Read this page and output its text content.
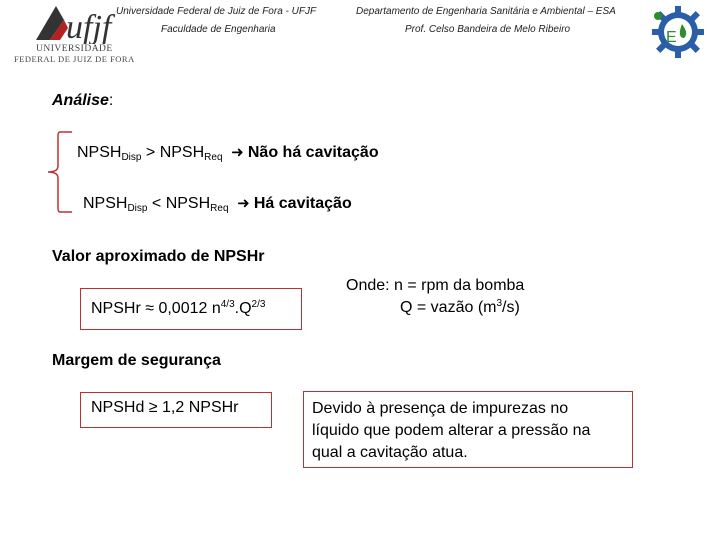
ufjf
UNIVERSIDADE
FEDERAL DE JUIZ DE FORA
Universidade Federal de Juiz de Fora - UFJF
Faculdade de Engenharia
Departamento de Engenharia Sanitária e Ambiental – ESA
Prof. Celso Bandeira de Melo Ribeiro	E
Análise:
$NPSH_{Disp}$ > $NPSH_{Req}$  ➜ Não há cavitação
$NPSH_{Disp}$ < $NPSH_{Req}$  ➜ Há cavitação
Valor aproximado de NPSHr
NPSHr ≈ 0,0012 $n^{4/3}.Q^{2/3}$
Onde: n = rpm da bomba
Q = vazão $(m^3/s)$
Margem de segurança
NPSHd ≥ 1,2 NPSHr	Devido à presença de impurezas no
líquido que podem alterar a pressão na
qual a cavitação atua.
